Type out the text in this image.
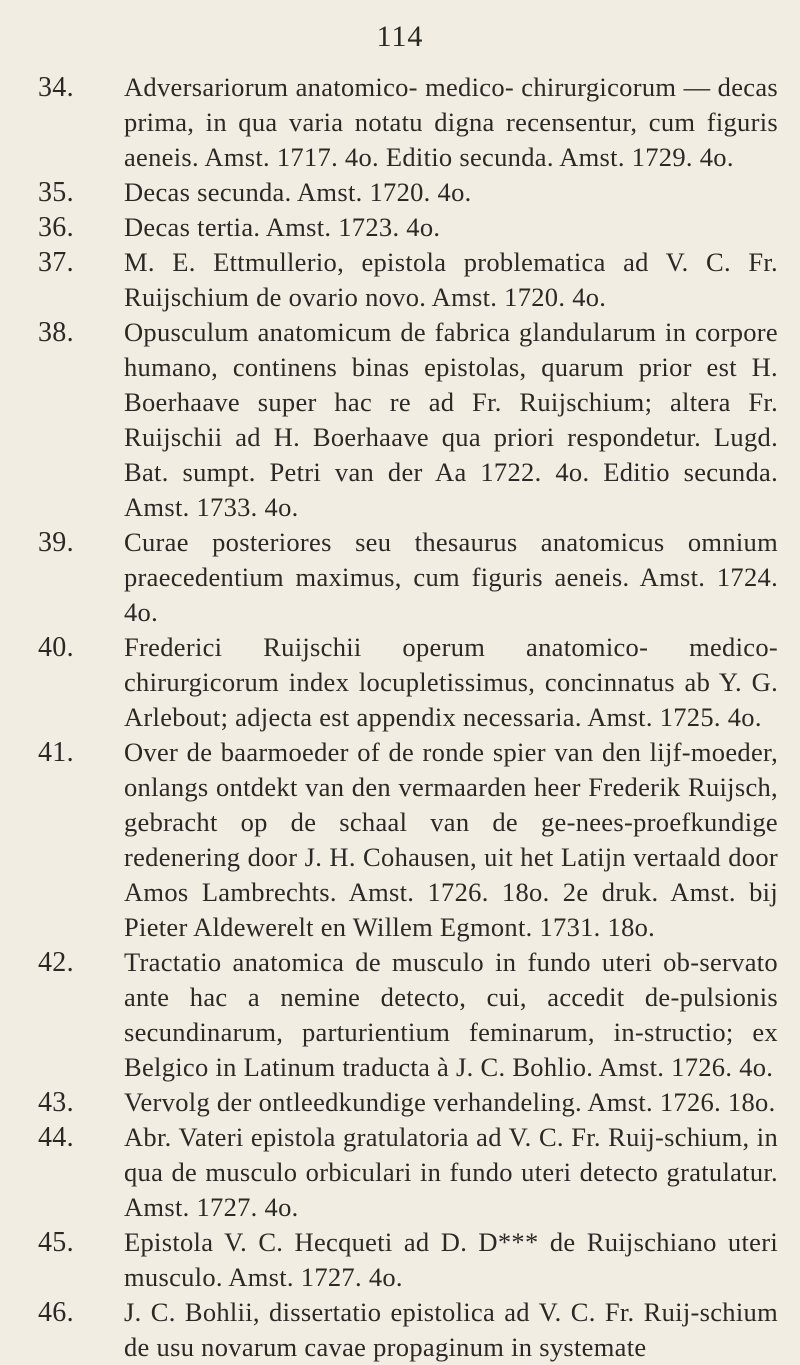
114
34.	Adversariorum anatomico- medico- chirurgicorum — decas prima, in qua varia notatu digna recensentur, cum figuris aeneis. Amst. 1717. 4o. Editio secunda. Amst. 1729. 4o.
35.	Decas secunda. Amst. 1720. 4o.
36.	Decas tertia. Amst. 1723. 4o.
37.	M. E. Ettmullerio, epistola problematica ad V. C. Fr. Ruijschium de ovario novo. Amst. 1720. 4o.
38.	Opusculum anatomicum de fabrica glandularum in corpore humano, continens binas epistolas, quarum prior est H. Boerhaave super hac re ad Fr. Ruijschium; altera Fr. Ruijschii ad H. Boerhaave qua priori respondetur. Lugd. Bat. sumpt. Petri van der Aa 1722. 4o. Editio secunda. Amst. 1733. 4o.
39.	Curae posteriores seu thesaurus anatomicus omnium praecedentium maximus, cum figuris aeneis. Amst. 1724. 4o.
40.	Frederici Ruijschii operum anatomico- medico- chirurgicorum index locupletissimus, concinnatus ab Y. G. Arlebout; adjecta est appendix necessaria. Amst. 1725. 4o.
41.	Over de baarmoeder of de ronde spier van den lijf-moeder, onlangs ontdekt van den vermaarden heer Frederik Ruijsch, gebracht op de schaal van de ge-nees-proefkundige redenering door J. H. Cohausen, uit het Latijn vertaald door Amos Lambrechts. Amst. 1726. 18o. 2e druk. Amst. bij Pieter Aldewerelt en Willem Egmont. 1731. 18o.
42.	Tractatio anatomica de musculo in fundo uteri ob-servato ante hac a nemine detecto, cui, accedit de-pulsionis secundinarum, parturientium feminarum, in-structio; ex Belgico in Latinum traducta à J. C. Bohlio. Amst. 1726. 4o.
43.	Vervolg der ontleedkundige verhandeling. Amst. 1726. 18o.
44.	Abr. Vateri epistola gratulatoria ad V. C. Fr. Ruij-schium, in qua de musculo orbiculari in fundo uteri detecto gratulatur. Amst. 1727. 4o.
45.	Epistola V. C. Hecqueti ad D. D*** de Ruijschiano uteri musculo. Amst. 1727. 4o.
46.	J. C. Bohlii, dissertatio epistolica ad V. C. Fr. Ruij-schium de usu novarum cavae propaginum in systemate
